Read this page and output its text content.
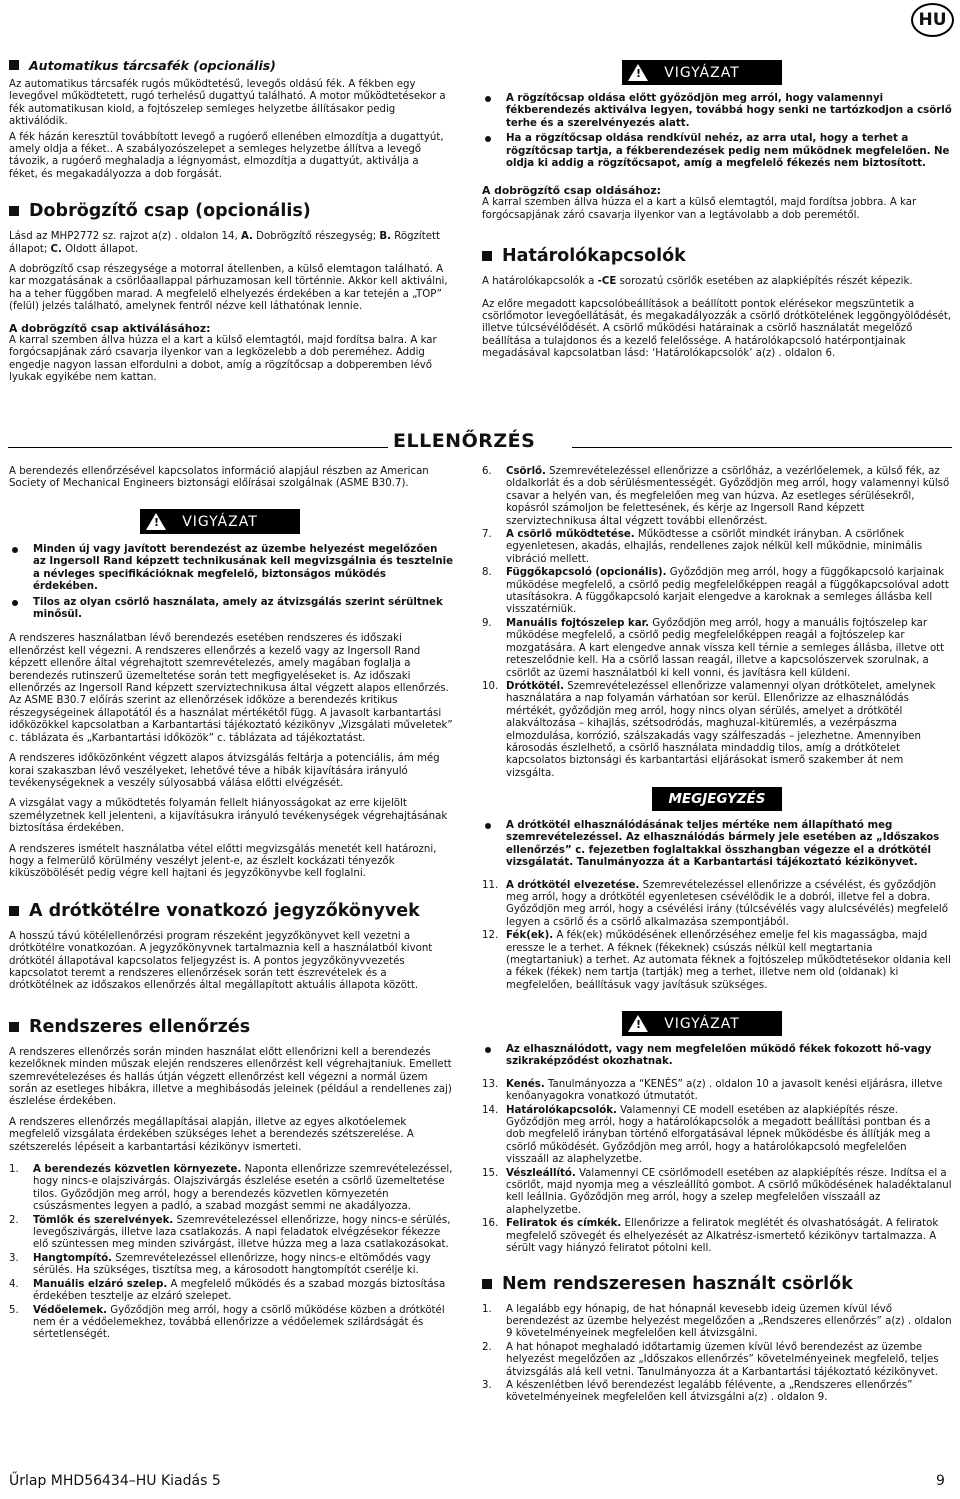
HU
Automatikus tárcsafék (opcionális)

Az automatikus tárcsafék rugós működtetésű, levegős oldású fék. A fékben egy levegővel működtetett, rugó terhelésű dugattyú található. A motor működtetésekor a fék automatikusan kiold, a fojtószelep semleges helyzetbe állításakor pedig aktiválódik.

A fék házán keresztül továbbított levegő a rugóerő ellenében elmozdítja a dugattyút, amely oldja a féket.. A szabályozószelepet a semleges helyzetbe állítva a levegő távozik, a rugóerő meghaladja a légnyomást, elmozdítja a dugattyút, aktiválja a féket, és megakadályozza a dob forgását.

Dobrögzítő csap (opcionális)

Lásd az MHP2772 sz. rajzot a(z) . oldalon 14, A. Dobrögzítő részegység; B. Rögzített állapot; C. Oldott állapot.

A dobrögzítő csap részegysége a motorral átellenben, a külső elemtagon található. A kar mozgatásának a csörlőaallappal párhuzamosan kell történnie. Akkor kell aktiválni, ha a teher függőben marad. A megfelelő elhelyezés érdekében a kar tetején a „TOP” (felül) jelzés található, amelynek fentről nézve kell láthatónak lennie.

A dobrögzítő csap aktiválásához:

A karral szemben állva húzza el a kart a külső elemtagtól, majd fordítsa balra. A kar forgócsapjának záró csavarja ilyenkor van a legközelebb a dob pereméhez. Addig engedje nagyon lassan elfordulni a dobot, amíg a rögzítőcsap a dobperemben lévő lyukak egyikébe nem kattan.

! VIGYÁZAT

A rögzítőcsap oldása előtt győződjön meg arról, hogy valamennyi fékberendezés aktiválva legyen, továbbá hogy senki ne tartózkodjon a csörlő terhe és a szerelvényezés alatt.

Ha a rögzítőcsap oldása rendkívül nehéz, az arra utal, hogy a terhet a rögzítőcsap tartja, a fékberendezések pedig nem működnek megfelelően. Ne oldja ki addig a rögzítőcsapot, amíg a megfelelő fékezés nem biztosított.

A dobrögzítő csap oldásához:

A karral szemben állva húzza el a kart a külső elemtagtól, majd fordítsa jobbra. A kar forgócsapjának záró csavarja ilyenkor van a legtávolabb a dob peremétől.

Határolókapcsolók

A határolókapcsolók a -CE sorozatú csörlők esetében az alapkiépítés részét képezik.

Az előre megadott kapcsolóbeállítások a beállított pontok elérésekor megszüntetik a csörlőmotor levegőellátását, és megakadályozzák a csörlő drótkötelének leggöngyölődését, illetve túlcsévélődését. A csörlő működési határainak a csörlő használatát megelőző beállítása a tulajdonos és a kezelő felelőssége. A határolókapcsoló hatérpontjainak megadásával kapcsolatban lásd: ‘Határolókapcsolók’ a(z) . oldalon 6.

ELLENŐRZÉS

A berendezés ellenőrzésével kapcsolatos információ alapjául részben az American Society of Mechanical Engineers biztonsági előírásai szolgálnak (ASME B30.7).

! VIGYÁZAT

Minden új vagy javított berendezést az üzembe helyezést megelőzően az Ingersoll Rand képzett technikusának kell megvizsgálnia és tesztelnie a névleges specifikációknak megfelelő, biztonságos működés érdekében.

Tilos az olyan csörlő használata, amely az átvizsgálás szerint sérültnek minősül.

A rendszeres használatban lévő berendezés esetében rendszeres és időszaki ellenőrzést kell végezni. A rendszeres ellenőrzés a kezelő vagy az Ingersoll Rand képzett ellenőre által végrehajtott szemrevételezés, amely magában foglalja a berendezés rutinszerű üzemeltetése során tett megfigyeléseket is. Az időszaki ellenőrzés az Ingersoll Rand képzett szerviztechnikusa által végzett alapos ellenőrzés. Az ASME B30.7 előírás szerint az ellenőrzések időköze a berendezés kritikus részegységeinek állapotától és a használat mértékétől függ. A javasolt karbantartási időközökkel kapcsolatban a Karbantartási tájékoztató kézikönyv „Vizsgálati műveletek” c. táblázata és „Karbantartási időközök” c. táblázata ad tájékoztatást.

A rendszeres időközönként végzett alapos átvizsgálás feltárja a potenciális, ám még korai szakaszban lévő veszélyeket, lehetővé téve a hibák kijavítására irányuló tevékenységeknek a veszély súlyosabbá válása előtti elvégzését.

A vizsgálat vagy a működtetés folyamán fellelt hiányosságokat az erre kijelölt személyzetnek kell jelenteni, a kijavításukra irányuló tevékenységek végrehajtásának biztosítása érdekében.

A rendszeres ismételt használatba vétel előtti megvizsgálás menetét kell határozni, hogy a felmerülő körülmény veszélyt jelent-e, az észlelt kockázati tényezők kiküszöbölését pedig végre kell hajtani és jegyzőkönyvbe kell foglalni.

A drótkötélre vonatkozó jegyzőkönyvek

A hosszú távú kötélellenőrzési program részeként jegyzőkönyvet kell vezetni a drótkötélre vonatkozóan. A jegyzőkönyvnek tartalmaznia kell a használatból kivont drótkötél állapotával kapcsolatos feljegyzést is. A pontos jegyzőkönyvvezetés kapcsolatot teremt a rendszeres ellenőrzések során tett észrevételek és a drótkötélnek az időszakos ellenőrzés által megállapított aktuális állapota között.

Rendszeres ellenőrzés

A rendszeres ellenőrzés során minden használat előtt ellenőrizni kell a berendezés kezelőknek minden műszak elején rendszeres ellenőrzést kell végrehajtaniuk. Emellett szemrevételezéses és hallás útján végzett ellenőrzést kell végezni a normál üzem során az esetleges hibákra, illetve a meghibásodás jeleinek (például a rendellenes zaj) észlelése érdekében.

A rendszeres ellenőrzés megállapításai alapján, illetve az egyes alkotóelemek megfelelő vizsgálata érdekében szükséges lehet a berendezés szétszerelése. A szétszerelés lépéseit a karbantartási kézikönyv ismerteti.

1. A berendezés közvetlen környezete. Naponta ellenőrizze szemrevételezéssel, hogy nincs-e olajszivárgás. Olajszivárgás észlelése esetén a csörlő üzemeltetése tilos. Győződjön meg arról, hogy a berendezés közvetlen környezetén csúszásmentes legyen a padló, a szabad mozgást semmi ne akadályozza.
2. Tömlők és szerelvények. Szemrevételezéssel ellenőrizze, hogy nincs-e sérülés, levegőszivárgás, illetve laza csatlakozás. A napi feladatok elvégzésekor fékezze elő szüntessen meg minden szivárgást, illetve húzza meg a laza csatlakozásokat.
3. Hangtompító. Szemrevételezéssel ellenőrizze, hogy nincs-e eltömődés vagy sérülés. Ha szükséges, tisztítsa meg, a károsodott hangtompítót cserélje ki.
4. Manuális elzáró szelep. A megfelelő működés és a szabad mozgás biztosítása érdekében tesztelje az elzáró szelepet.
5. Védőelemek. Győződjön meg arról, hogy a csörlő működése közben a drótkötél nem ér a védőelemekhez, továbbá ellenőrizze a védőelemek szilárdságát és sértetlenségét.
6. Csörlő. Szemrevételezéssel ellenőrizze a csörlőház, a vezérlőelemek, a külső fék, az oldalkorlát és a dob sérülésmentességét. Győződjön meg arról, hogy valamennyi külső csavar a helyén van, és megfelelően meg van húzva. Az esetleges sérülésekről, kopásról számoljon be felettesének, és kérje az Ingersoll Rand képzett szerviztechnikusa által végzett további ellenőrzést.
7. A csörlő működtetése. Működtesse a csörlőt mindkét irányban. A csörlőnek egyenletesen, akadás, elhajlás, rendellenes zajok nélkül kell működnie, minimális vibráció mellett.
8. Függőkapcsoló (opcionális). Győződjön meg arról, hogy a függőkapcsoló karjainak működése megfelelő, a csörlő pedig megfelelőképpen reagál a függőkapcsolóval adott utasításokra. A függőkapcsoló karjait elengedve a karoknak a semleges állásba kell visszatérniük.
9. Manuális fojtószelep kar. Győződjön meg arról, hogy a manuális fojtószelep kar működése megfelelő, a csörlő pedig megfelelőképpen reagál a fojtószelep kar mozgatására. A kart elengedve annak vissza kell térnie a semleges állásba, illetve ott reteszelődnie kell. Ha a csörlő lassan reagál, illetve a kapcsolószervek szorulnak, a csörlőt az üzemi használatból ki kell vonni, és javításra kell küldeni.
10. Drótkötél. Szemrevételezéssel ellenőrizze valamennyi olyan drótkötelet, amelynek használatára a nap folyamán várhatóan sor kerül. Ellenőrizze az elhasználódás mértékét, győződjön meg arról, hogy nincs olyan sérülés, amelyet a drótkötél alakváltozása – kihajlás, szétsodródás, maghuzal-kitüremlés, a vezérpászma elmozdulása, korrózió, szálszakadás vagy szálfeszadás – jelezhetne. Amennyiben károsodás észlelhető, a csörlő használata mindaddig tilos, amíg a drótkötelet kapcsolatos biztonsági és karbantartási eljárásokat ismerő szakember át nem vizsgálta.
MEGJEGYZÉS

A drótkötél elhasználódásának teljes mértéke nem állapítható meg szemrevételezéssel. Az elhasználódás bármely jele esetében az „Időszakos ellenőrzés” c. fejezetben foglaltakkal összhangban végezze el a drótkötél vizsgálatát. Tanulmányozza át a Karbantartási tájékoztató kézikönyvet.

11. A drótkötél elvezetése. Szemrevételezéssel ellenőrizze a csévélést, és győződjön meg arról, hogy a drótkötél egyenletesen csévélődik le a dobról, illetve fel a dobra. Győződjön meg arról, hogy a csévélési irány (túlcsévélés vagy alulcsévélés) megfelelő legyen a csörlő és a csörlő alkalmazása szempontjából.
12. Fék(ek). A fék(ek) működésének ellenőrzéséhez emelje fel kis magasságba, majd eressze le a terhet. A féknek (fékeknek) csúszás nélkül kell megtartania (megtartaniuk) a terhet. Az automata féknek a fojtószelep működtetésekor oldania kell a fékek (fékek) nem tartja (tartják) meg a terhet, illetve nem old (oldanak) ki megfelelően, beállításuk vagy javításuk szükséges.
! VIGYÁZAT

Az elhasználódott, vagy nem megfelelően működő fékek fokozott hő-vagy szikraképződést okozhatnak.

13. Kenés. Tanulmányozza a “KENÉS” a(z) . oldalon 10 a javasolt kenési eljárásra, illetve kenőanyagokra vonatkozó útmutatót.
14. Határolókapcsolók. Valamennyi CE modell esetében az alapkiépítés része. Győződjön meg arról, hogy a határolókapcsolók a megadott beállítási pontban és a dob megfelelő irányban történő elforgatásával lépnek működésbe és állítják meg a csörlő működését. Győződjön meg arról, hogy a határolókapcsoló megfelelően visszaáll az alaphelyzetbe.
15. Vészleállító. Valamennyi CE csörlőmodell esetében az alapkiépítés része. Indítsa el a csörlőt, majd nyomja meg a vészleállító gombot. A csörlő működésének haladéktalanul kell leállnia. Győződjön meg arról, hogy a szelep megfelelően visszaáll az alaphelyzetbe.
16. Feliratok és címkék. Ellenőrizze a feliratok meglétét és olvashatóságát. A feliratok megfelelő szövegét és elhelyezését az Alkatrész-ismertető kézikönyv tartalmazza. A sérült vagy hiányzó feliratot pótolni kell.
Nem rendszeresen használt csörlők
1. A legalább egy hónapig, de hat hónapnál kevesebb ideig üzemen kívül lévő berendezést az üzembe helyezést megelőzően a „Rendszeres ellenőrzés” a(z) . oldalon 9 követelményeinek megfelelően kell átvizsgálni.
2. A hat hónapot meghaladó időtartamig üzemen kívül lévő berendezést az üzembe helyezést megelőzően az „Időszakos ellenőrzés” követelményeinek megfelelő, teljes átvizsgálás alá kell vetni. Tanulmányozza át a Karbantartási tájékoztató kézikönyvet.
3. A készenlétben lévő berendezést legalább félévente, a „Rendszeres ellenőrzés” követelményeinek megfelelően kell átvizsgálni a(z) . oldalon 9.
Űrlap MHD56434–HU Kiadás 5	9
